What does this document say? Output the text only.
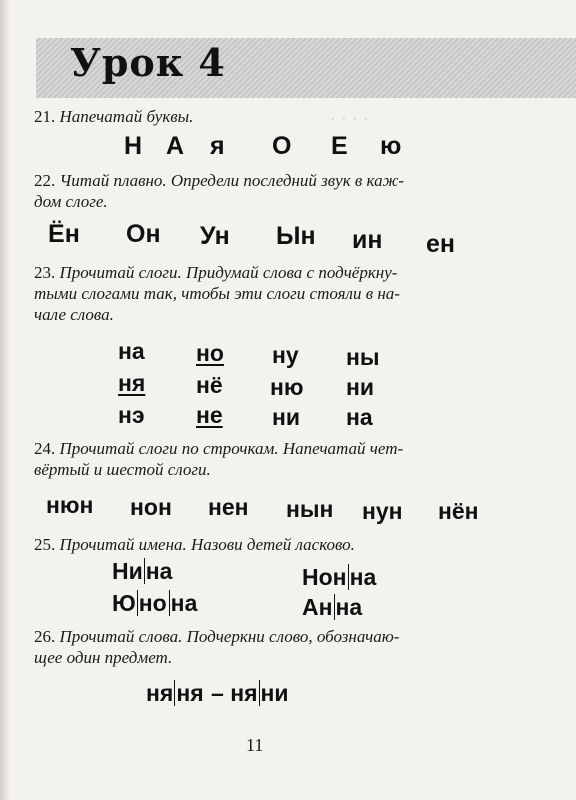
. . . .
Урок 4
21. Напечатай буквы.
Н А я О Е ю
22. Читай плавно. Определи последний звук в каж-
дом слоге.
Ён Он Ун Ын ин ен
23. Прочитай слоги. Придумай слова с подчёркну-
тыми слогами так, чтобы эти слоги стояли в на-
чале слова.
на но ну ны
ня нё ню ни
нэ не ни на
24. Прочитай слоги по строчкам. Напечатай чет-
вёртый и шестой слоги.
нюн нон нен нын нун нён
25. Прочитай имена. Назови детей ласково.
Ни на	Нон на
Ю но на	Ан на
26. Прочитай слова. Подчеркни слово, обозначаю-
щее один предмет.
ня ня – ня ни
11
